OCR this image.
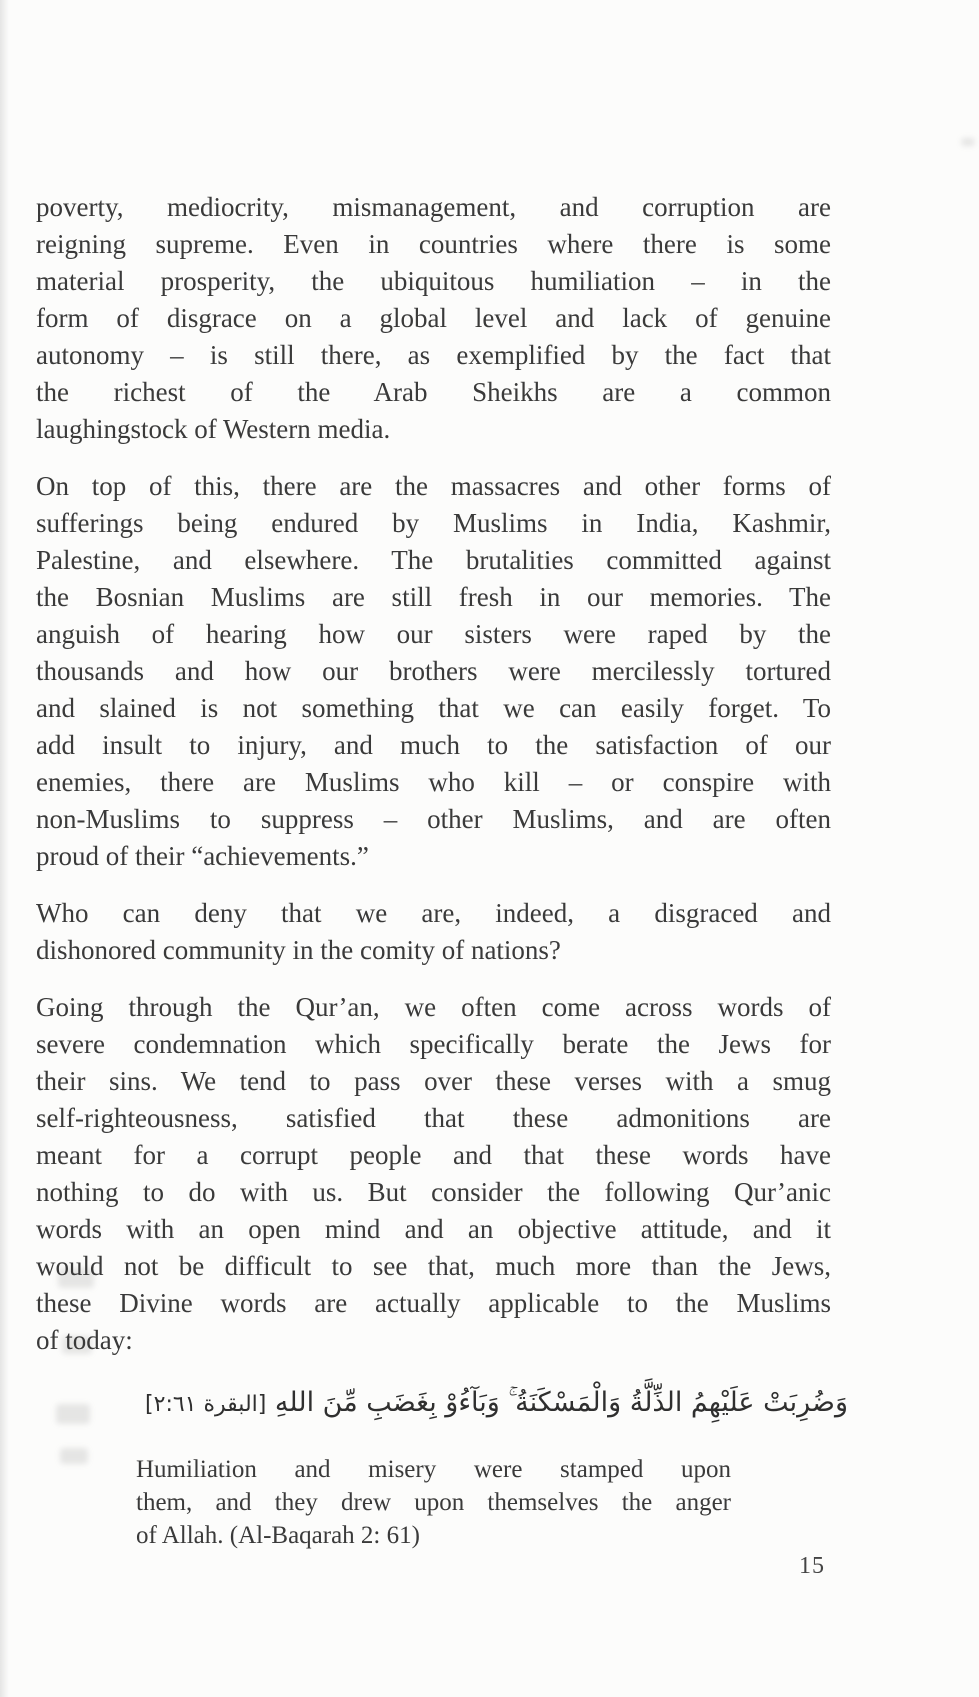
poverty, mediocrity, mismanagement, and corruption are
reigning supreme. Even in countries where there is some
material prosperity, the ubiquitous humiliation – in the
form of disgrace on a global level and lack of genuine
autonomy – is still there, as exemplified by the fact that
the richest of the Arab Sheikhs are a common
laughingstock of Western media.
On top of this, there are the massacres and other forms of
sufferings being endured by Muslims in India, Kashmir,
Palestine, and elsewhere. The brutalities committed against
the Bosnian Muslims are still fresh in our memories. The
anguish of hearing how our sisters were raped by the
thousands and how our brothers were mercilessly tortured
and slained is not something that we can easily forget. To
add insult to injury, and much to the satisfaction of our
enemies, there are Muslims who kill – or conspire with
non-Muslims to suppress – other Muslims, and are often
proud of their “achievements.”
Who can deny that we are, indeed, a disgraced and
dishonored community in the comity of nations?
Going through the Qur’an, we often come across words of
severe condemnation which specifically berate the Jews for
their sins. We tend to pass over these verses with a smug
self-righteousness, satisfied that these admonitions are
meant for a corrupt people and that these words have
nothing to do with us. But consider the following Qur’anic
words with an open mind and an objective attitude, and it
would not be difficult to see that, much more than the Jews,
these Divine words are actually applicable to the Muslims
of today:
وَضُرِبَتْ عَلَيْهِمُ الذِّلَّةُ وَالْمَسْكَنَةُ ۚ وَبَآءُوْ بِغَضَبِ مِّنَ اللهِ [البقرة ٢:٦١]
Humiliation and misery were stamped upon
them, and they drew upon themselves the anger
of Allah. (Al-Baqarah 2: 61)
15
